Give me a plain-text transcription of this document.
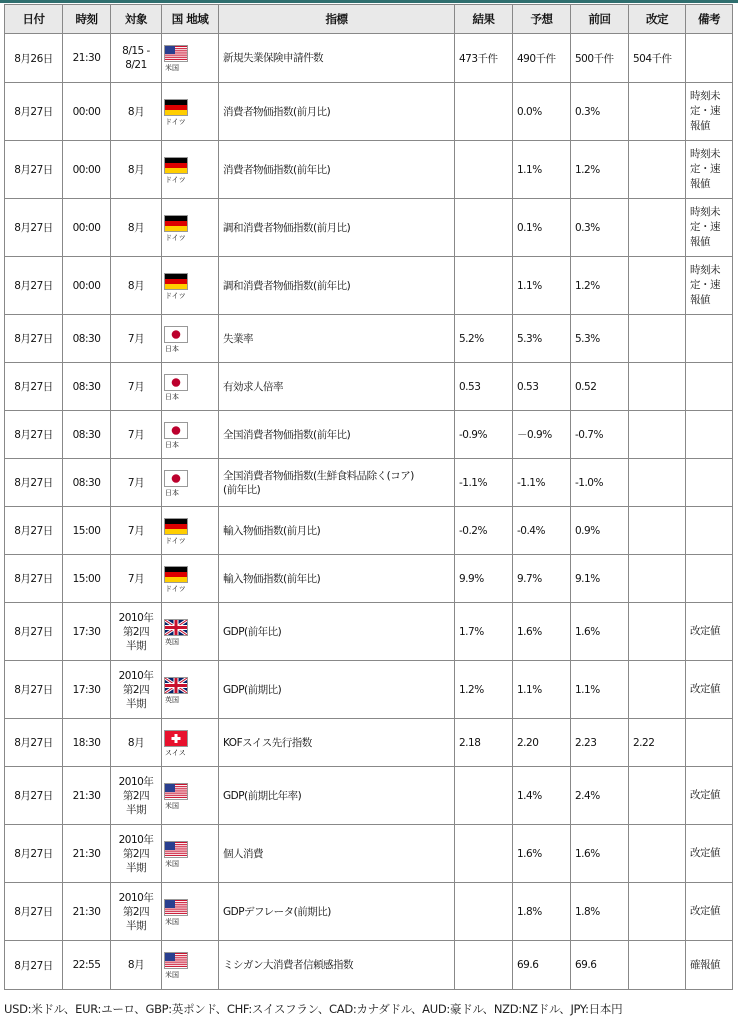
日付	時刻	対象	国 地域	指標	結果	予想	前回	改定	備考
8月26日	21:30	8/15 -
8/21	米国	新規失業保険申請件数	473千件	490千件	500千件	504千件	
8月27日	00:00	8月	ドイツ	消費者物価指数(前月比)		0.0%	0.3%		時刻未
定・速
報値
8月27日	00:00	8月	ドイツ	消費者物価指数(前年比)		1.1%	1.2%		時刻未
定・速
報値
8月27日	00:00	8月	ドイツ	調和消費者物価指数(前月比)		0.1%	0.3%		時刻未
定・速
報値
8月27日	00:00	8月	ドイツ	調和消費者物価指数(前年比)		1.1%	1.2%		時刻未
定・速
報値
8月27日	08:30	7月	日本	失業率	5.2%	5.3%	5.3%		
8月27日	08:30	7月	日本	有効求人倍率	0.53	0.53	0.52		
8月27日	08:30	7月	日本	全国消費者物価指数(前年比)	-0.9%	－0.9%	-0.7%		
8月27日	08:30	7月	日本	全国消費者物価指数(生鮮食料品除く(コア)
(前年比)	-1.1%	-1.1%	-1.0%		
8月27日	15:00	7月	ドイツ	輸入物価指数(前月比)	-0.2%	-0.4%	0.9%		
8月27日	15:00	7月	ドイツ	輸入物価指数(前年比)	9.9%	9.7%	9.1%		
8月27日	17:30	2010年
第2四
半期	英国	GDP(前年比)	1.7%	1.6%	1.6%		改定値
8月27日	17:30	2010年
第2四
半期	英国	GDP(前期比)	1.2%	1.1%	1.1%		改定値
8月27日	18:30	8月	スイス	KOFスイス先行指数	2.18	2.20	2.23	2.22	
8月27日	21:30	2010年
第2四
半期	米国	GDP(前期比年率)		1.4%	2.4%		改定値
8月27日	21:30	2010年
第2四
半期	米国	個人消費		1.6%	1.6%		改定値
8月27日	21:30	2010年
第2四
半期	米国	GDPデフレータ(前期比)		1.8%	1.8%		改定値
8月27日	22:55	8月	米国	ミシガン大消費者信頼感指数		69.6	69.6		確報値
USD:米ドル、EUR:ユーロ、GBP:英ポンド、CHF:スイスフラン、CAD:カナダドル、AUD:豪ドル、NZD:NZドル、JPY:日本円
